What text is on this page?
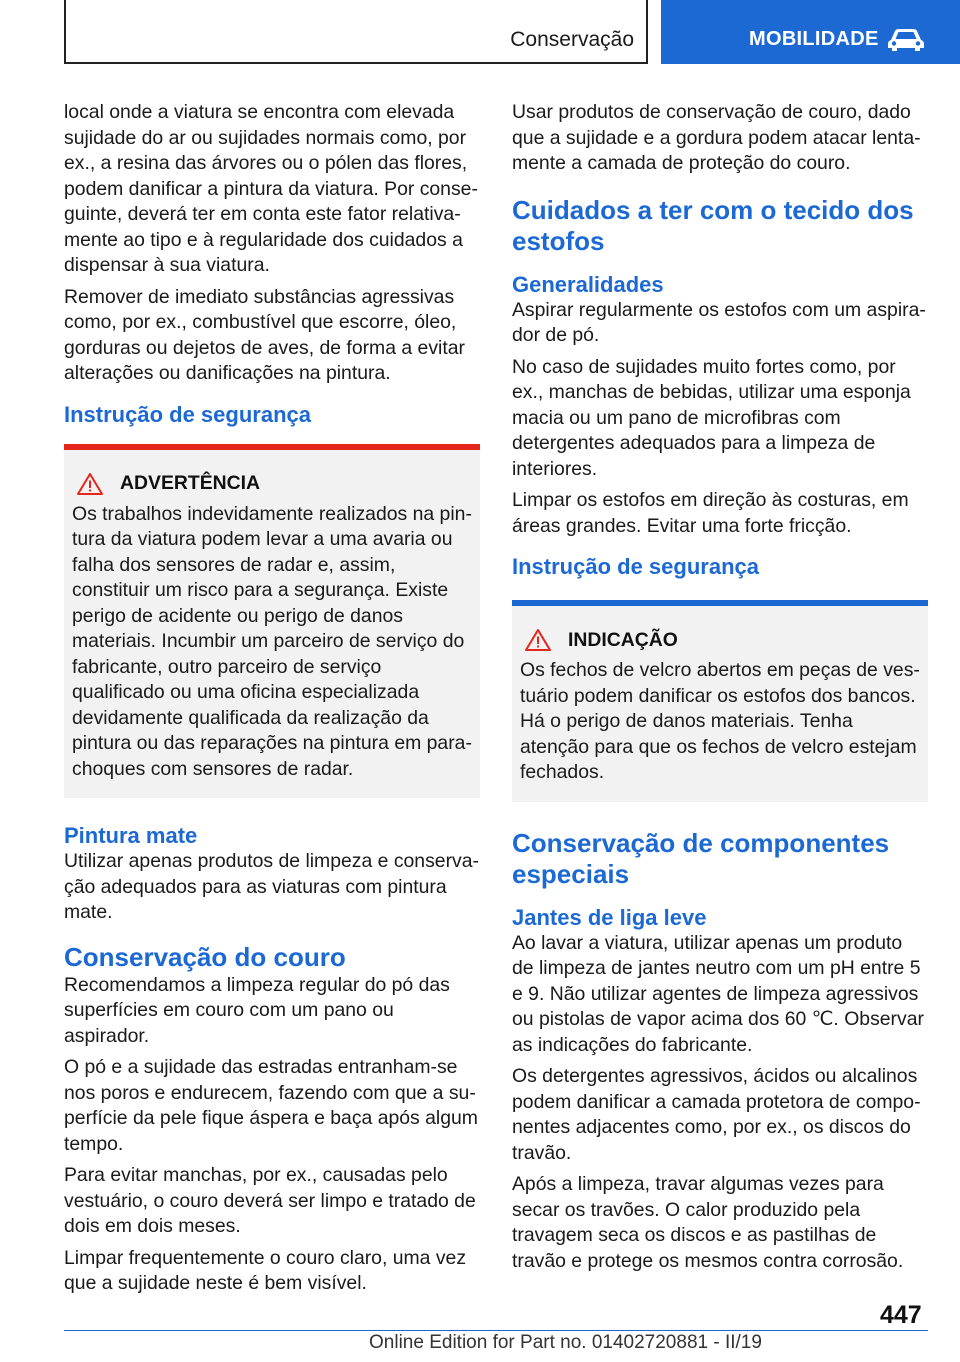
Conservação	MOBILIDADE

local onde a viatura se encontra com elevada sujidade do ar ou sujidades normais como, por ex., a resina das árvores ou o pólen das flores, podem danificar a pintura da viatura. Por conseguinte, deverá ter em conta este fator relativamente ao tipo e à regularidade dos cuidados a dispensar à sua viatura.

Remover de imediato substâncias agressivas como, por ex., combustível que escorre, óleo, gorduras ou dejetos de aves, de forma a evitar alterações ou danificações na pintura.

Instrução de segurança
ADVERTÊNCIA

Os trabalhos indevidamente realizados na pintura da viatura podem levar a uma avaria ou falha dos sensores de radar e, assim, constituir um risco para a segurança. Existe perigo de acidente ou perigo de danos materiais. Incumbir um parceiro de serviço do fabricante, outro parceiro de serviço qualificado ou uma oficina especializada devidamente qualificada da realização da pintura ou das reparações na pintura em para-choques com sensores de radar.

Pintura mate

Utilizar apenas produtos de limpeza e conservação adequados para as viaturas com pintura mate.

Conservação do couro

Recomendamos a limpeza regular do pó das superfícies em couro com um pano ou aspirador.

O pó e a sujidade das estradas entranham-se nos poros e endurecem, fazendo com que a superfície da pele fique áspera e baça após algum tempo.

Para evitar manchas, por ex., causadas pelo vestuário, o couro deverá ser limpo e tratado de dois em dois meses.

Limpar frequentemente o couro claro, uma vez que a sujidade neste é bem visível.

Usar produtos de conservação de couro, dado que a sujidade e a gordura podem atacar lentamente a camada de proteção do couro.

Cuidados a ter com o tecido dos estofos
Generalidades

Aspirar regularmente os estofos com um aspirador de pó.

No caso de sujidades muito fortes como, por ex., manchas de bebidas, utilizar uma esponja macia ou um pano de microfibras com detergentes adequados para a limpeza de interiores.

Limpar os estofos em direção às costuras, em áreas grandes. Evitar uma forte fricção.

Instrução de segurança
INDICAÇÃO

Os fechos de velcro abertos em peças de vestuário podem danificar os estofos dos bancos. Há o perigo de danos materiais. Tenha atenção para que os fechos de velcro estejam fechados.

Conservação de componentes especiais
Jantes de liga leve

Ao lavar a viatura, utilizar apenas um produto de limpeza de jantes neutro com um pH entre 5 e 9. Não utilizar agentes de limpeza agressivos ou pistolas de vapor acima dos 60 ℃. Observar as indicações do fabricante.

Os detergentes agressivos, ácidos ou alcalinos podem danificar a camada protetora de componentes adjacentes como, por ex., os discos do travão.

Após a limpeza, travar algumas vezes para secar os travões. O calor produzido pela travagem seca os discos e as pastilhas de travão e protege os mesmos contra corrosão.

447
Online Edition for Part no. 01402720881 - II/19
